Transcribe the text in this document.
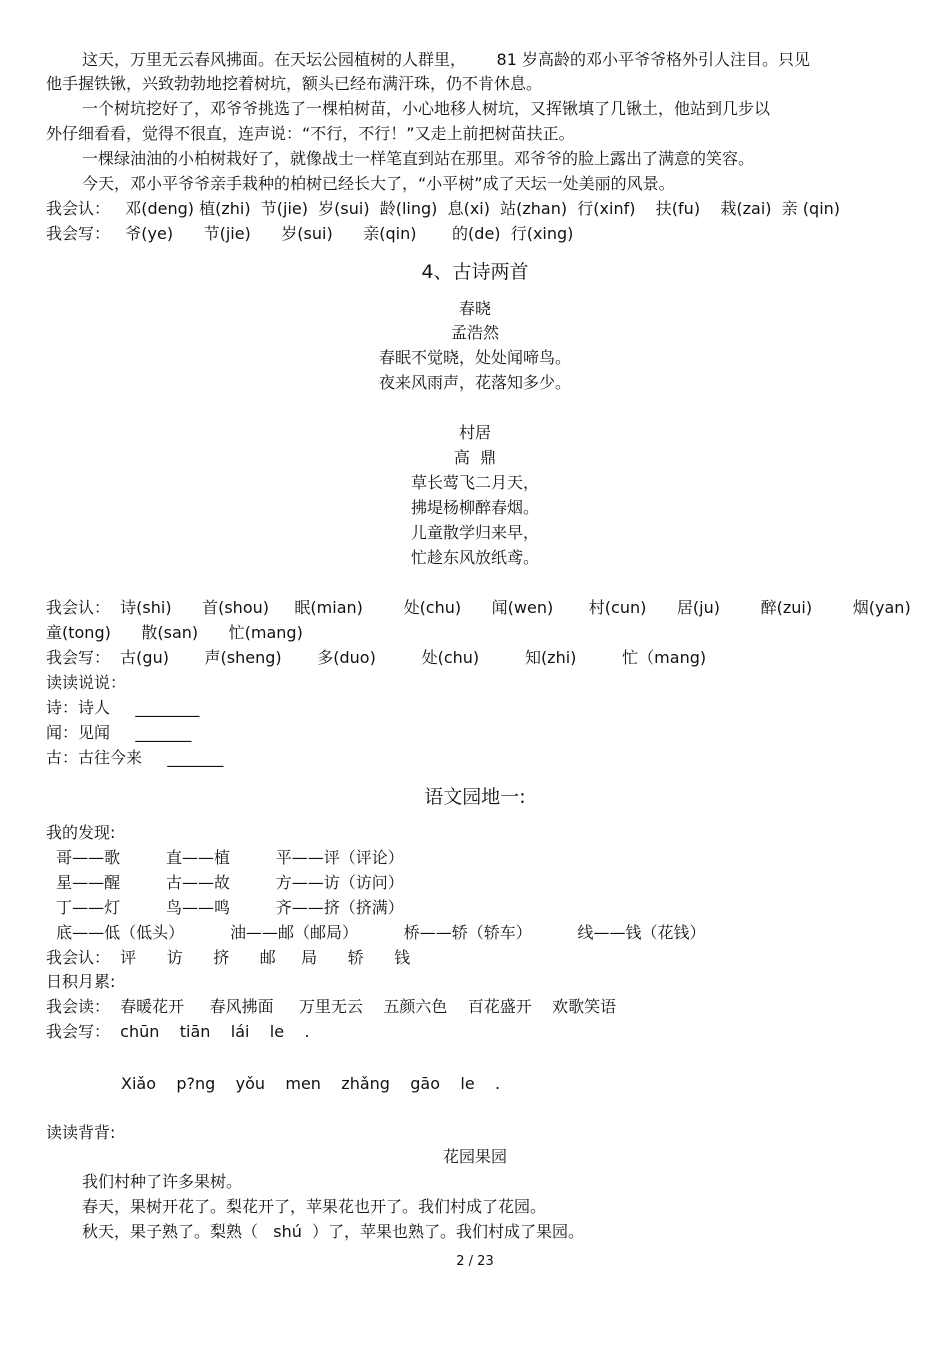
这天，万里无云春风拂面。在天坛公园植树的人群里，      81 岁高龄的邓小平爷爷格外引人注目。只见
他手握铁锹，兴致勃勃地挖着树坑，额头已经布满汗珠，仍不肯休息。
一个树坑挖好了，邓爷爷挑选了一棵柏树苗，小心地移人树坑，又挥锹填了几锹土，他站到几步以
外仔细看看，觉得不很直，连声说：“不行，不行！”又走上前把树苗扶正。
一棵绿油油的小柏树栽好了，就像战士一样笔直到站在那里。邓爷爷的脸上露出了满意的笑容。
今天，邓小平爷爷亲手栽种的柏树已经长大了，“小平树”成了天坛一处美丽的风景。
我会认：   邓(deng) 植(zhi)  节(jie)  岁(sui)  龄(ling)  息(xi)  站(zhan)  行(xinf)    扶(fu)    栽(zai)  亲 (qin)
我会写：   爷(ye)      节(jie)      岁(sui)      亲(qin)       的(de)  行(xing)
4、古诗两首
春晓
孟浩然
春眠不觉晓，处处闻啼鸟。
夜来风雨声，花落知多少。
村居
高  鼎
草长莺飞二月天，
拂堤杨柳醉春烟。
儿童散学归来早，
忙趁东风放纸鸢。
我会认：  诗(shi)      首(shou)     眠(mian)        处(chu)      闻(wen)       村(cun)      居(ju)        醉(zui)        烟(yan)
童(tong)      散(san)      忙(mang)
我会写：  古(gu)       声(sheng)       多(duo)         处(chu)         知(zhi)         忙（mang)
读读说说：
诗：诗人     ________
闻：见闻     _______
古：古往今来     _______
语文园地一:
我的发现:
哥——歌         直——植         平——评（评论）
星——醒         古——故         方——访（访问）
丁——灯         鸟——鸣         齐——挤（挤满）
底——低（低头）         油——邮（邮局）         桥——轿（轿车）         线——钱（花钱）
我会认：  评      访      挤      邮     局      轿      钱
日积月累:
我会读：  春暖花开     春风拂面     万里无云    五颜六色    百花盛开    欢歌笑语
我会写：  chūn    tiān    lái    le    .
Xiǎo    p?ng    yǒu    men    zhǎng    gāo    le    .
读读背背:
花园果园
我们村种了许多果树。
春天，果树开花了。梨花开了，苹果花也开了。我们村成了花园。
秋天，果子熟了。梨熟（   shú  ）了，苹果也熟了。我们村成了果园。
2 / 23
